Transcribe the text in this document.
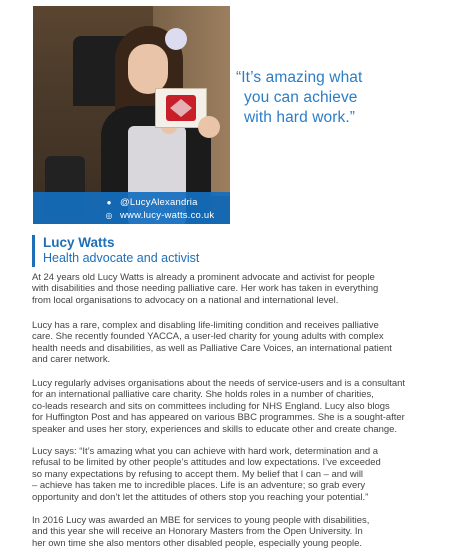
● @LucyAlexandria
◎ www.lucy-watts.co.uk
“It’s amazing what
you can achieve
with hard work.”
Lucy Watts
Health advocate and activist
At 24 years old Lucy Watts is already a prominent advocate and activist for people
with disabilities and those needing palliative care. Her work has taken in everything
from local organisations to advocacy on a national and international level.
Lucy has a rare, complex and disabling life-limiting condition and receives palliative
care. She recently founded YACCA, a user-led charity for young adults with complex
health needs and disabilities, as well as Palliative Care Voices, an international patient
and carer network.
Lucy regularly advises organisations about the needs of service-users and is a consultant
for an international palliative care charity. She holds roles in a number of charities,
co-leads research and sits on committees including for NHS England. Lucy also blogs
for Huffington Post and has appeared on various BBC programmes. She is a sought-after
speaker and uses her story, experiences and skills to educate other and create change.
Lucy says: “It’s amazing what you can achieve with hard work, determination and a
refusal to be limited by other people’s attitudes and low expectations. I’ve exceeded
so many expectations by refusing to accept them. My belief that I can – and will
– achieve has taken me to incredible places. Life is an adventure; so grab every
opportunity and don’t let the attitudes of others stop you reaching your potential.”
In 2016 Lucy was awarded an MBE for services to young people with disabilities,
and this year she will receive an Honorary Masters from the Open University. In
her own time she also mentors other disabled people, especially young people.
